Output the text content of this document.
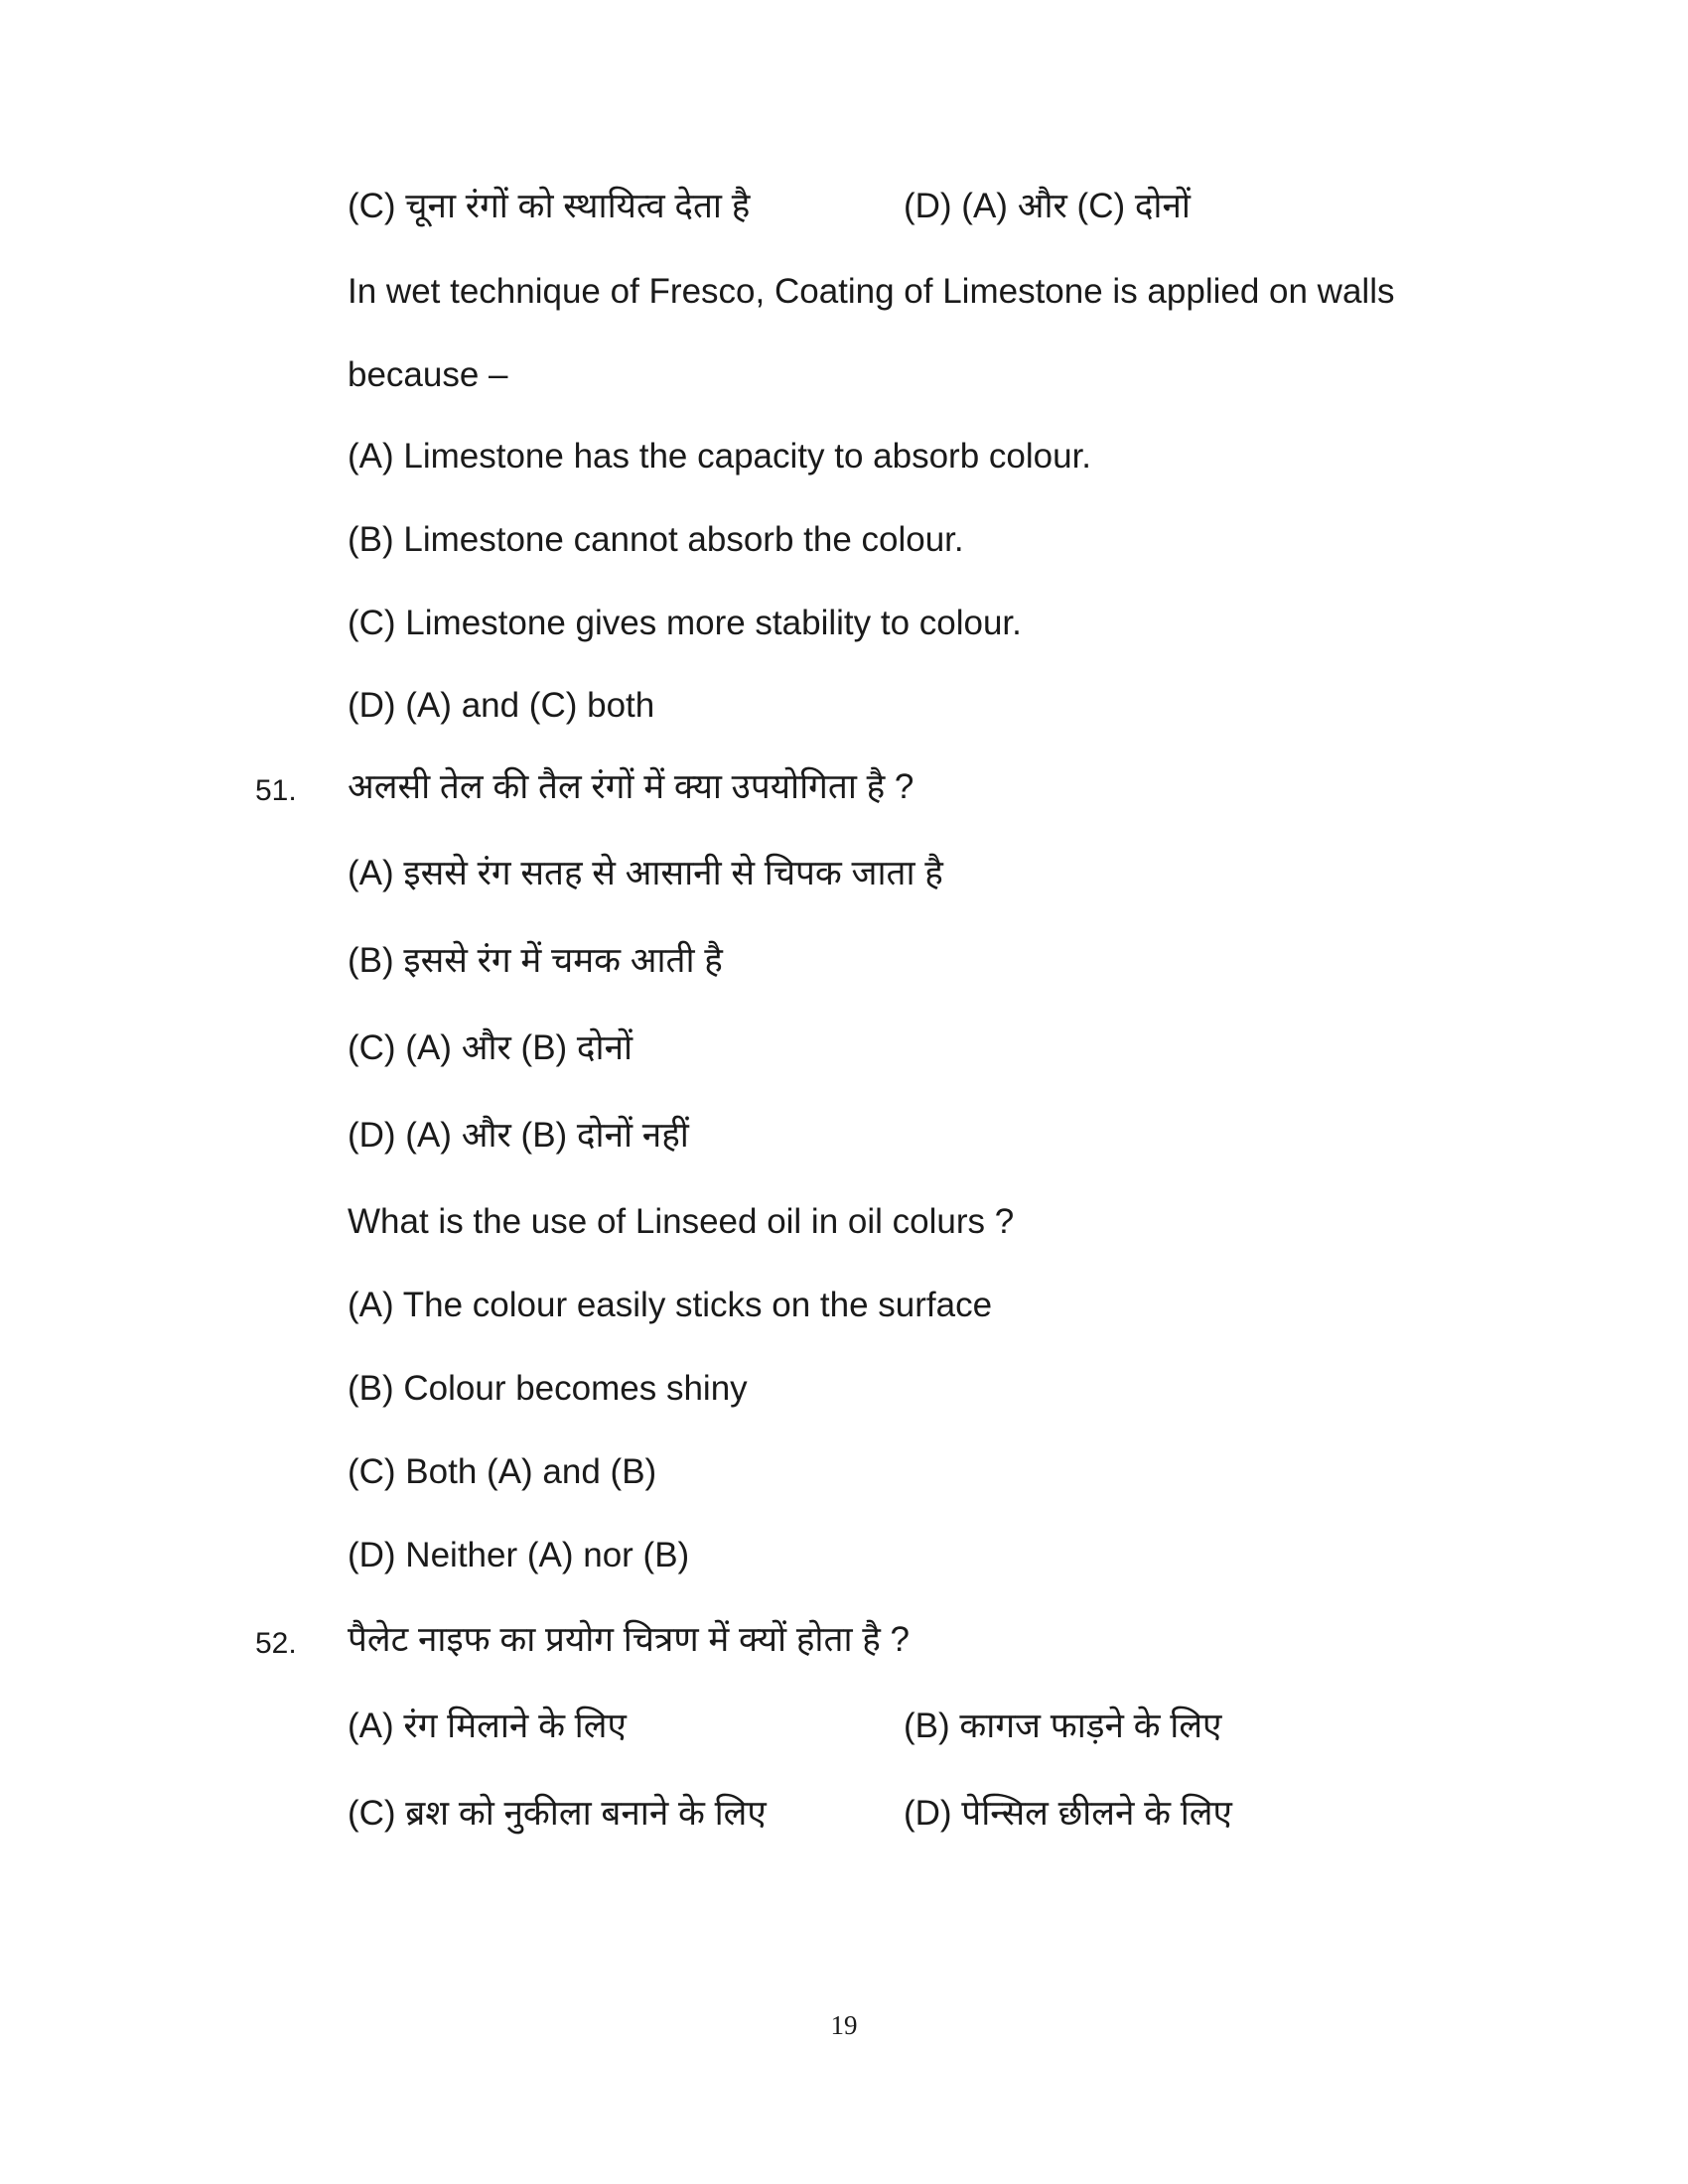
(C) चूना रंगों को स्थायित्व देता है	(D) (A) और (C) दोनों
In wet technique of Fresco, Coating of Limestone is applied on walls
because –
(A) Limestone has the capacity to absorb colour.
(B) Limestone cannot absorb the colour.
(C) Limestone gives more stability to colour.
(D) (A) and (C) both
51. अलसी तेल की तैल रंगों में क्या उपयोगिता है ?
(A) इससे रंग सतह से आसानी से चिपक जाता है
(B) इससे रंग में चमक आती है
(C) (A) और (B) दोनों
(D) (A) और (B) दोनों नहीं
What is the use of Linseed oil in oil colurs ?
(A) The colour easily sticks on the surface
(B) Colour becomes shiny
(C) Both (A) and (B)
(D) Neither (A) nor (B)
52. पैलेट नाइफ का प्रयोग चित्रण में क्यों होता है ?
(A) रंग मिलाने के लिए	(B) कागज फाड़ने के लिए
(C) ब्रश को नुकीला बनाने के लिए	(D) पेन्सिल छीलने के लिए
19
